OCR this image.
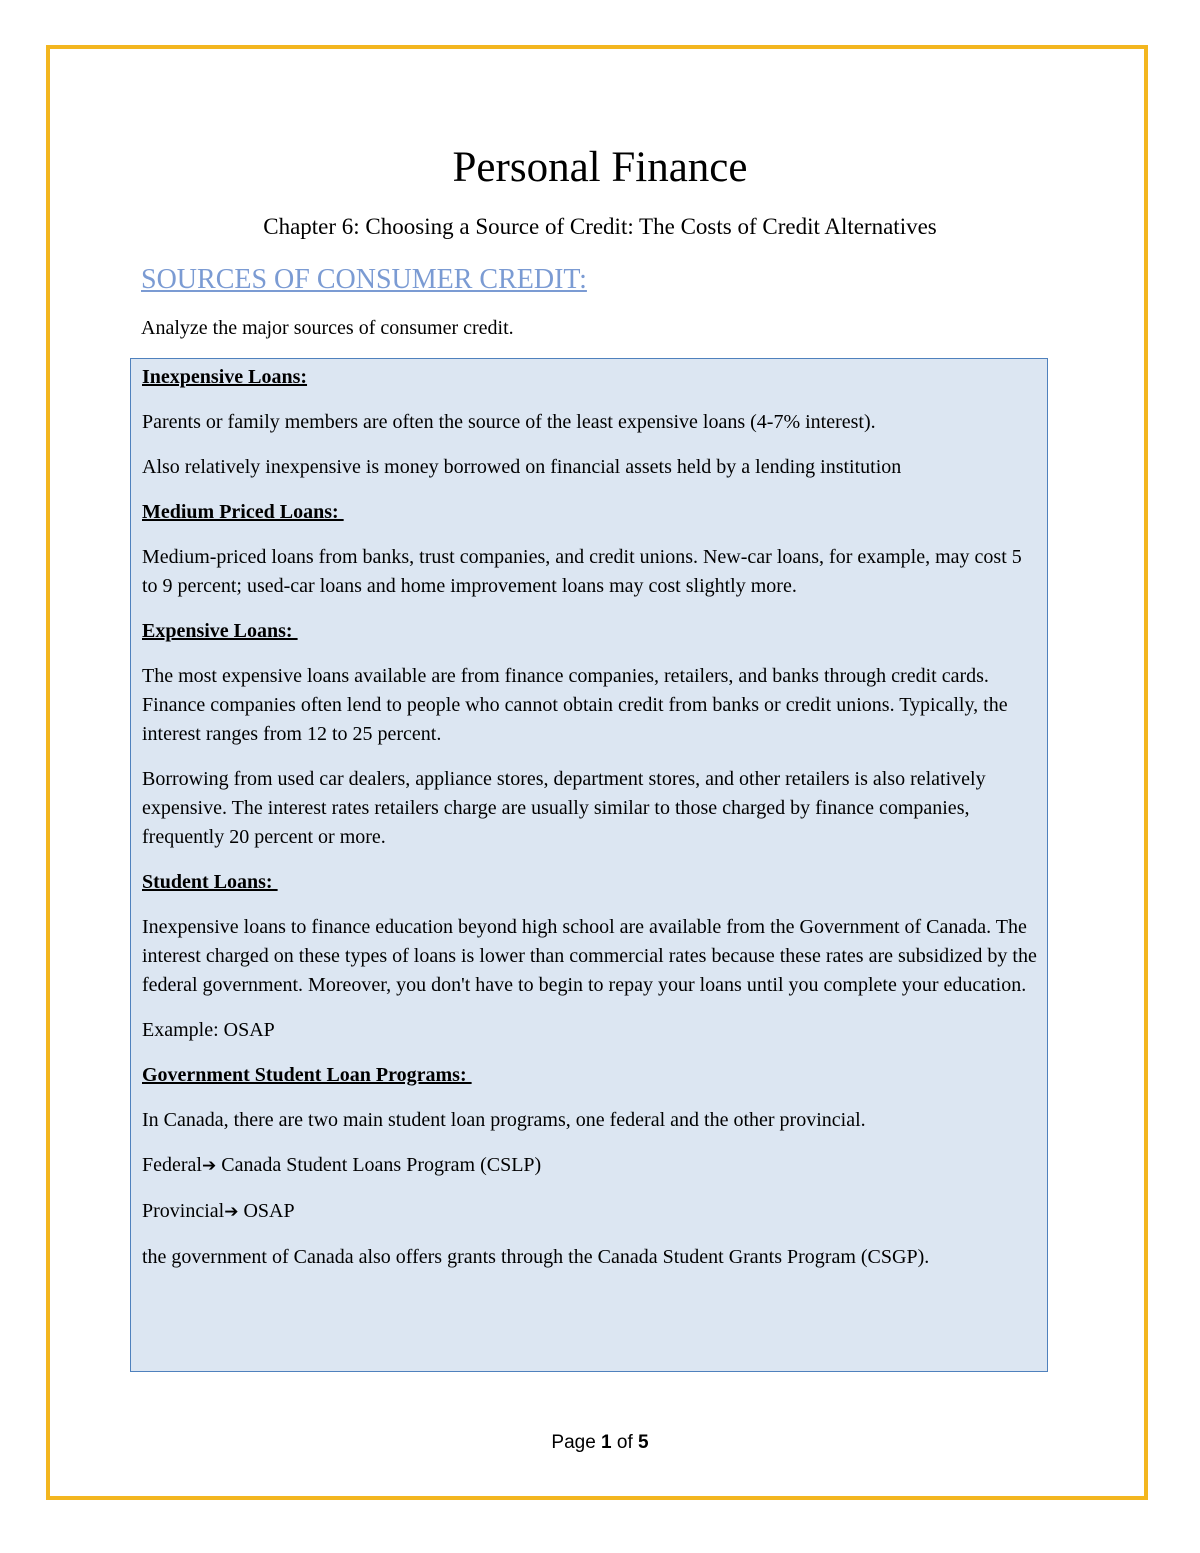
Personal Finance

Chapter 6: Choosing a Source of Credit: The Costs of Credit Alternatives

SOURCES OF CONSUMER CREDIT:

Analyze the major sources of consumer credit.

Inexpensive Loans:

Parents or family members are often the source of the least expensive loans (4-7% interest).

Also relatively inexpensive is money borrowed on financial assets held by a lending institution

Medium Priced Loans:

Medium-priced loans from banks, trust companies, and credit unions. New-car loans, for example, may cost 5 to 9 percent; used-car loans and home improvement loans may cost slightly more.

Expensive Loans:

The most expensive loans available are from finance companies, retailers, and banks through credit cards. Finance companies often lend to people who cannot obtain credit from banks or credit unions. Typically, the interest ranges from 12 to 25 percent.

Borrowing from used car dealers, appliance stores, department stores, and other retailers is also relatively expensive. The interest rates retailers charge are usually similar to those charged by finance companies, frequently 20 percent or more.

Student Loans:

Inexpensive loans to finance education beyond high school are available from the Government of Canada. The interest charged on these types of loans is lower than commercial rates because these rates are subsidized by the federal government. Moreover, you don't have to begin to repay your loans until you complete your education.

Example: OSAP

Government Student Loan Programs:

In Canada, there are two main student loan programs, one federal and the other provincial.

Federal➔ Canada Student Loans Program (CSLP)

Provincial➔ OSAP

the government of Canada also offers grants through the Canada Student Grants Program (CSGP).

Page 1 of 5
